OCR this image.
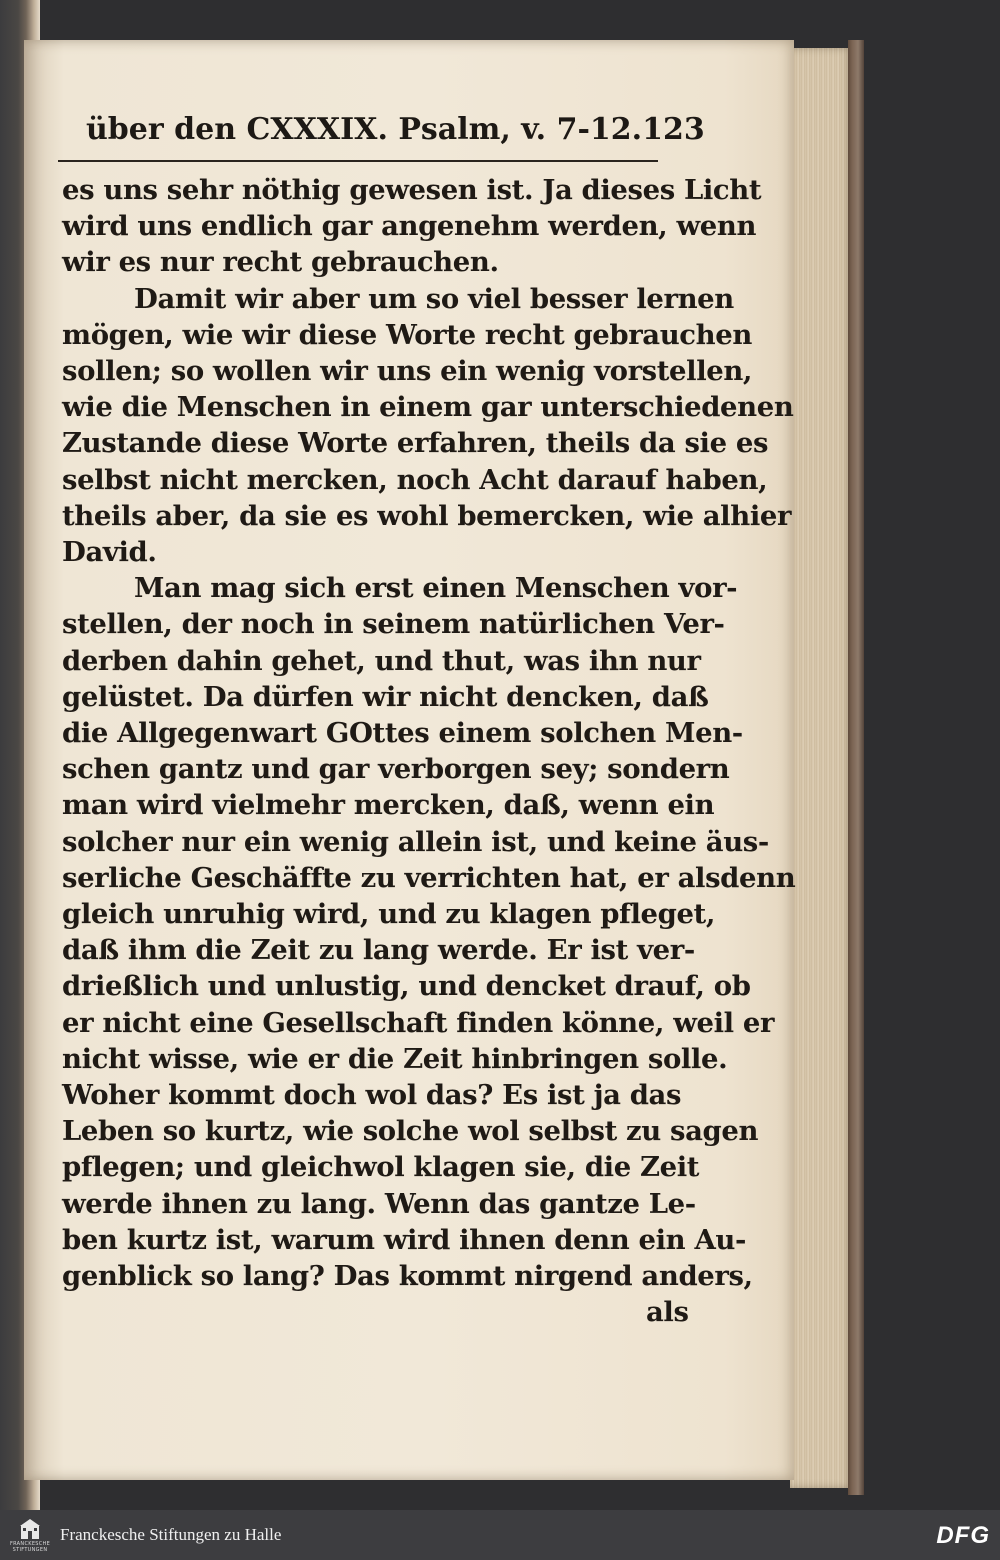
über den CXXXIX. Psalm, v. 7-12. 123
es uns sehr nöthig gewesen ist. Ja dieses Licht
wird uns endlich gar angenehm werden, wenn
wir es nur recht gebrauchen.
Damit wir aber um so viel besser lernen
mögen, wie wir diese Worte recht gebrauchen
sollen; so wollen wir uns ein wenig vorstellen,
wie die Menschen in einem gar unterschiedenen
Zustande diese Worte erfahren, theils da sie es
selbst nicht mercken, noch Acht darauf haben,
theils aber, da sie es wohl bemercken, wie alhier
David.
Man mag sich erst einen Menschen vor-
stellen, der noch in seinem natürlichen Ver-
derben dahin gehet, und thut, was ihn nur
gelüstet. Da dürfen wir nicht dencken, daß
die Allgegenwart GOttes einem solchen Men-
schen gantz und gar verborgen sey; sondern
man wird vielmehr mercken, daß, wenn ein
solcher nur ein wenig allein ist, und keine äus-
serliche Geschäffte zu verrichten hat, er alsdenn
gleich unruhig wird, und zu klagen pfleget,
daß ihm die Zeit zu lang werde. Er ist ver-
drießlich und unlustig, und dencket drauf, ob
er nicht eine Gesellschaft finden könne, weil er
nicht wisse, wie er die Zeit hinbringen solle.
Woher kommt doch wol das? Es ist ja das
Leben so kurtz, wie solche wol selbst zu sagen
pflegen; und gleichwol klagen sie, die Zeit
werde ihnen zu lang. Wenn das gantze Le-
ben kurtz ist, warum wird ihnen denn ein Au-
genblick so lang? Das kommt nirgend anders,
als
FRANCKESCHE
STIFTUNGEN
Franckesche Stiftungen zu Halle	DFG
